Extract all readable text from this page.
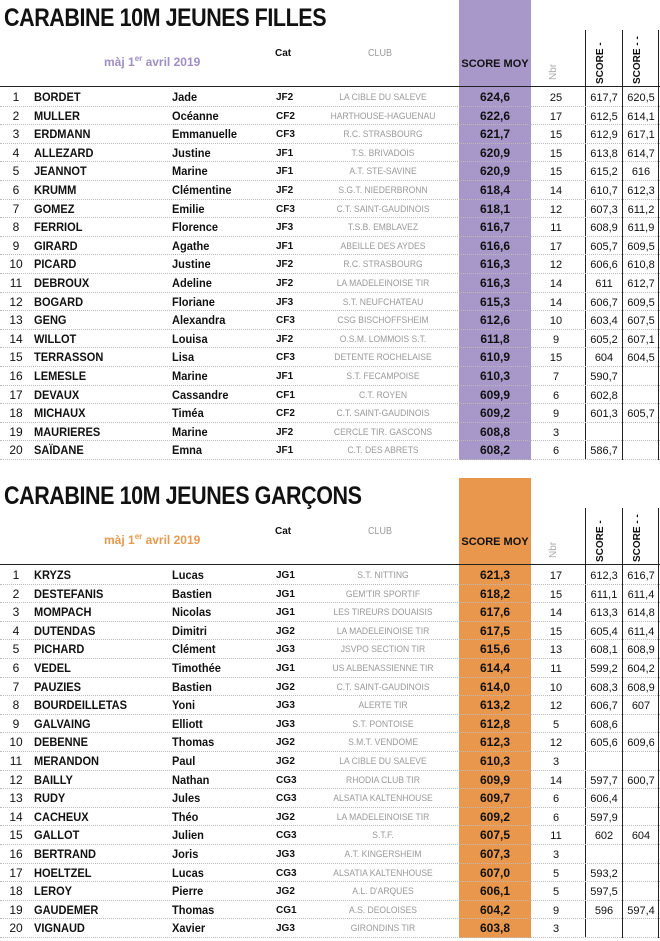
CARABINE 10M JEUNES FILLES
màj 1er avril 2019
Cat	CLUB
SCORE MOY Nbr	SCORE -	SCORE - -
1	BORDET	Jade	JF2	LA CIBLE DU SALEVE	624,6	25	617,7 620,5
2	MULLER	Océanne	CF2	HARTHOUSE-HAGUENAU	622,6	17	612,5 614,1
3	ERDMANN	Emmanuelle	CF3	R.C. STRASBOURG	621,7	15	612,9 617,1
4	ALLEZARD	Justine	JF1	T.S. BRIVADOIS	620,9	15	613,8 614,7
5	JEANNOT	Marine	JF1	A.T. STE-SAVINE	620,9	15	615,2	616
6	KRUMM	Clémentine	JF2	S.G.T. NIEDERBRONN	618,4	14	610,7 612,3
7	GOMEZ	Emilie	CF3	C.T. SAINT-GAUDINOIS	618,1	12	607,3 611,2
8	FERRIOL	Florence	JF3	T.S.B. EMBLAVEZ	616,7	11	608,9 611,9
9	GIRARD	Agathe	JF1	ABEILLE DES AYDES	616,6	17	605,7 609,5
10 PICARD	Justine	JF2	R.C. STRASBOURG	616,3	12	606,6 610,8
11 DEBROUX	Adeline	JF2	LA MADELEINOISE TIR	616,3	14	611	612,7
12 BOGARD	Floriane	JF3	S.T. NEUFCHATEAU	615,3	14	606,7 609,5
13 GENG	Alexandra	CF3	CSG BISCHOFFSHEIM	612,6	10	603,4 607,5
14 WILLOT	Louisa	JF2	O.S.M. LOMMOIS S.T.	611,8	9	605,2 607,1
15 TERRASSON	Lisa	CF3	DETENTE ROCHELAISE	610,9	15	604	604,5
16 LEMESLE	Marine	JF1	S.T. FECAMPOISE	610,3	7	590,7
17 DEVAUX	Cassandre	CF1	C.T. ROYEN	609,9	6	602,8
18 MICHAUX	Timéa	CF2	C.T. SAINT-GAUDINOIS	609,2	9	601,3 605,7
19 MAURIERES	Marine	JF2	CERCLE TIR. GASCONS	608,8	3
20 SAÏDANE	Emna	JF1	C.T. DES ABRETS	608,2	6	586,7
CARABINE 10M JEUNES GARÇONS
màj 1er avril 2019
Cat	CLUB
SCORE MOY Nbr	SCORE -	SCORE - -
1	KRYZS	Lucas	JG1	S.T. NITTING	621,3	17	612,3 616,7
2	DESTEFANIS	Bastien	JG1	GEM'TIR SPORTIF	618,2	15	611,1 611,4
3	MOMPACH	Nicolas	JG1	LES TIREURS DOUAISIS	617,6	14	613,3 614,8
4	DUTENDAS	Dimitri	JG2	LA MADELEINOISE TIR	617,5	15	605,4 611,4
5	PICHARD	Clément	JG3	JSVPO SECTION TIR	615,6	13	608,1 608,9
6	VEDEL	Timothée	JG1	US ALBENASSIENNE TIR	614,4	11	599,2 604,2
7	PAUZIES	Bastien	JG2	C.T. SAINT-GAUDINOIS	614,0	10	608,3 608,9
8	BOURDEILLETAS	Yoni	JG3	ALERTE TIR	613,2	12	606,7	607
9	GALVAING	Elliott	JG3	S.T. PONTOISE	612,8	5	608,6
10 DEBENNE	Thomas	JG2	S.M.T. VENDOME	612,3	12	605,6 609,6
11 MERANDON	Paul	JG2	LA CIBLE DU SALEVE	610,3	3
12 BAILLY	Nathan	CG3	RHODIA CLUB TIR	609,9	14	597,7 600,7
13 RUDY	Jules	CG3	ALSATIA KALTENHOUSE	609,7	6	606,4
14 CACHEUX	Théo	JG2	LA MADELEINOISE TIR	609,2	6	597,9
15 GALLOT	Julien	CG3	S.T.F.	607,5	11	602	604
16 BERTRAND	Joris	JG3	A.T. KINGERSHEIM	607,3	3
17 HOELTZEL	Lucas	CG3	ALSATIA KALTENHOUSE	607,0	5	593,2
18 LEROY	Pierre	JG2	A.L. D'ARQUES	606,1	5	597,5
19 GAUDEMER	Thomas	CG1	A.S. DEOLOISES	604,2	9	596	597,4
20 VIGNAUD	Xavier	JG3	GIRONDINS TIR	603,8	3
